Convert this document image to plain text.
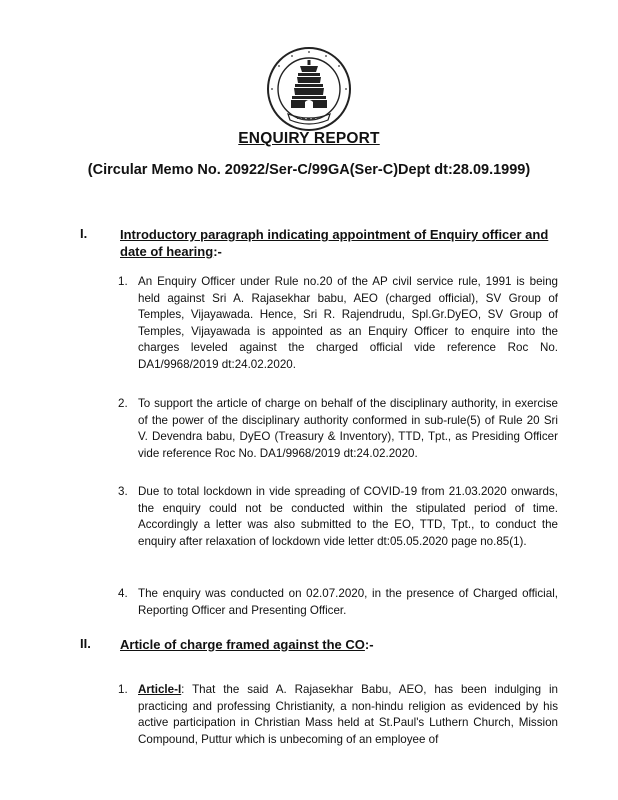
ENQUIRY REPORT
(Circular Memo No. 20922/Ser-C/99GA(Ser-C)Dept dt:28.09.1999)
I.	Introductory paragraph indicating appointment of Enquiry officer and date of hearing:-
1. An Enquiry Officer under Rule no.20 of the AP civil service rule, 1991 is being held against Sri A. Rajasekhar babu, AEO (charged official), SV Group of Temples, Vijayawada. Hence, Sri R. Rajendrudu, Spl.Gr.DyEO, SV Group of Temples, Vijayawada is appointed as an Enquiry Officer to enquire into the charges leveled against the charged official vide reference Roc No. DA1/9968/2019 dt:24.02.2020.
2. To support the article of charge on behalf of the disciplinary authority, in exercise of the power of the disciplinary authority conformed in sub-rule(5) of Rule 20 Sri V. Devendra babu, DyEO (Treasury & Inventory), TTD, Tpt., as Presiding Officer vide reference Roc No. DA1/9968/2019 dt:24.02.2020.
3. Due to total lockdown in vide spreading of COVID-19 from 21.03.2020 onwards, the enquiry could not be conducted within the stipulated period of time. Accordingly a letter was also submitted to the EO, TTD, Tpt., to conduct the enquiry after relaxation of lockdown vide letter dt:05.05.2020 page no.85(1).
4. The enquiry was conducted on 02.07.2020, in the presence of Charged official, Reporting Officer and Presenting Officer.
II. Article of charge framed against the CO:-
1. Article-I: That the said A. Rajasekhar Babu, AEO, has been indulging in practicing and professing Christianity, a non-hindu religion as evidenced by his active participation in Christian Mass held at St.Paul's Luthern Church, Mission Compound, Puttur which is unbecoming of an employee of
